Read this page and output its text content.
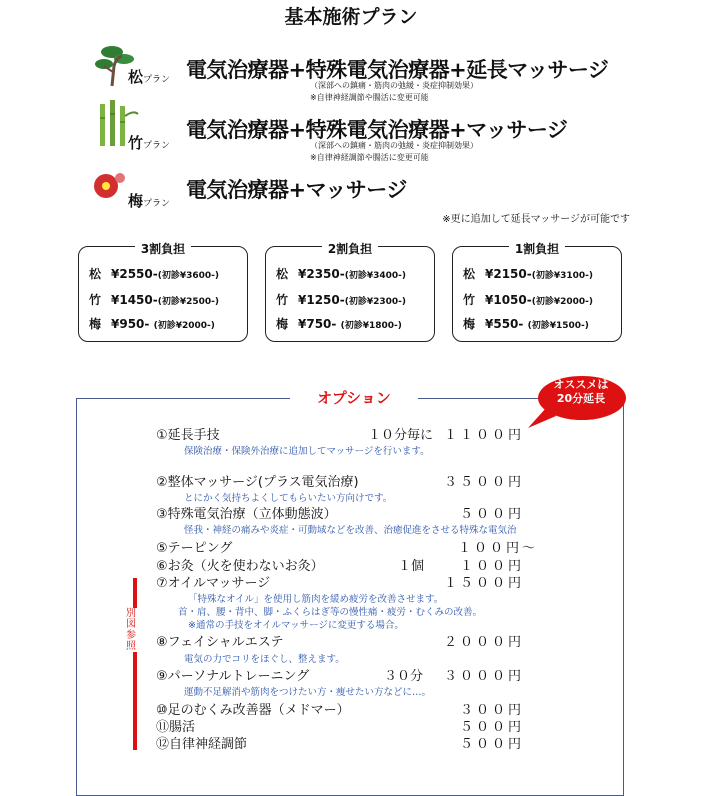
基本施術プラン
松プラン 電気治療器+特殊電気治療器+延長マッサージ
（深部への鎮痛・筋肉の弛緩・炎症抑制効果）
※自律神経調節や腸活に変更可能
竹プラン
電気治療器+特殊電気治療器+マッサージ
（深部への鎮痛・筋肉の弛緩・炎症抑制効果）
※自律神経調節や腸活に変更可能
梅プラン
電気治療器+マッサージ
※更に追加して延長マッサージが可能です
3割負担
松 ¥2550-(初診¥3600-)
竹 ¥1450-(初診¥2500-)
梅 ¥950- (初診¥2000-)
2割負担
松 ¥2350-(初診¥3400-)
竹 ¥1250-(初診¥2300-)
梅 ¥750- (初診¥1800-)
1割負担
松 ¥2150-(初診¥3100-)
竹 ¥1050-(初診¥2000-)
梅 ¥550- (初診¥1500-)
オプション
オススメは
20分延長
別
図
参
照
①延長手技	１０分毎に １１００円
保険治療・保険外治療に追加してマッサージを行います。
②整体マッサージ(プラス電気治療)	３５００円
とにかく気持ちよくしてもらいたい方向けです。
③特殊電気治療（立体動態波）	５００円
怪我・神経の痛みや炎症・可動域などを改善、治癒促進をさせる特殊な電気治
⑤テーピング	１００円～
⑥お灸（火を使わないお灸）	１個	１００円
⑦オイルマッサージ	１５００円
「特殊なオイル」を使用し筋肉を緩め疲労を改善させます。
首・肩、腰・背中、脚・ふくらはぎ等の慢性痛・疲労・むくみの改善。
※通常の手技をオイルマッサージに変更する場合。
⑧フェイシャルエステ	２０００円
電気の力でコリをほぐし、整えます。
⑨パーソナルトレーニング	３０分	３０００円
運動不足解消や筋肉をつけたい方・痩せたい方などに…。
⑩足のむくみ改善器（メドマー）	３００円
⑪腸活	５００円
⑫自律神経調節	５００円
